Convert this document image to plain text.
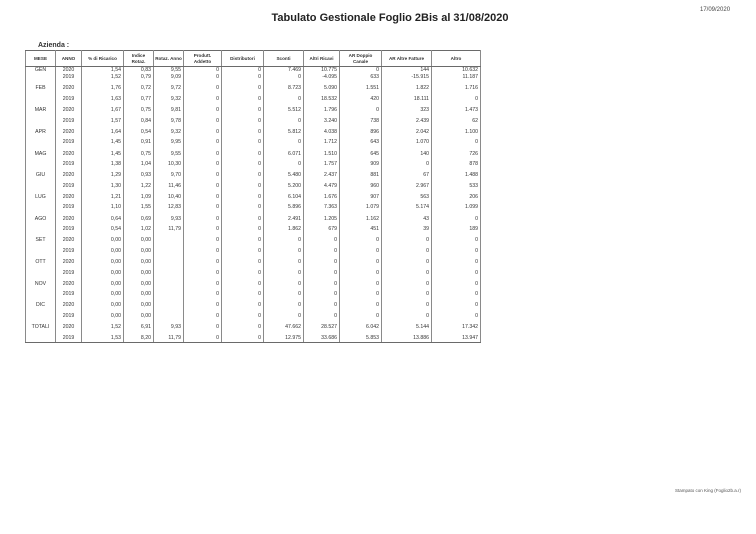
17/09/2020
Tabulato Gestionale Foglio 2Bis al 31/08/2020
Azienda :
MESE	ANNO	% di Ricarico	Indice Rotaz.	Rotaz. Anno	Produtt. Addetto	Distributori	Sconti	Altri Ricavi	AR Doppio Canale	AR Altre Fatture	Altro
GEN	2020	1,54	0,83	9,55	0	0	7.469	10.775	0	144	10.632
	2019	1,52	0,79	9,09	0	0	0	-4.095	633	-15.915	11.187
FEB	2020	1,76	0,72	9,72	0	0	8.723	5.090	1.551	1.822	1.716
	2019	1,63	0,77	9,32	0	0	0	18.532	420	18.111	0
MAR	2020	1,67	0,75	9,81	0	0	5.512	1.796	0	323	1.473
	2019	1,57	0,84	9,78	0	0	0	3.240	738	2.439	62
APR	2020	1,64	0,54	9,32	0	0	5.812	4.038	896	2.042	1.100
	2019	1,45	0,91	9,95	0	0	0	1.712	643	1.070	0
MAG	2020	1,45	0,75	9,55	0	0	6.071	1.510	645	140	726
	2019	1,38	1,04	10,30	0	0	0	1.757	909	0	878
GIU	2020	1,29	0,93	9,70	0	0	5.480	2.437	881	67	1.488
	2019	1,30	1,22	11,46	0	0	5.200	4.479	960	2.967	533
LUG	2020	1,21	1,09	10,40	0	0	6.104	1.676	907	563	206
	2019	1,10	1,55	12,83	0	0	5.896	7.363	1.079	5.174	1.099
AGO	2020	0,64	0,69	9,93	0	0	2.491	1.205	1.162	43	0
	2019	0,54	1,02	11,79	0	0	1.862	679	451	39	189
SET	2020	0,00	0,00		0	0	0	0	0	0	0
	2019	0,00	0,00		0	0	0	0	0	0	0
OTT	2020	0,00	0,00		0	0	0	0	0	0	0
	2019	0,00	0,00		0	0	0	0	0	0	0
NOV	2020	0,00	0,00		0	0	0	0	0	0	0
	2019	0,00	0,00		0	0	0	0	0	0	0
DIC	2020	0,00	0,00		0	0	0	0	0	0	0
	2019	0,00	0,00		0	0	0	0	0	0	0
TOTALI	2020	1,52	6,91	9,93	0	0	47.662	28.527	6.042	5.144	17.342
	2019	1,53	8,20	11,79	0	0	12.975	33.686	5.853	13.886	13.947
Stampato con King (Foglio2b.a.r)
